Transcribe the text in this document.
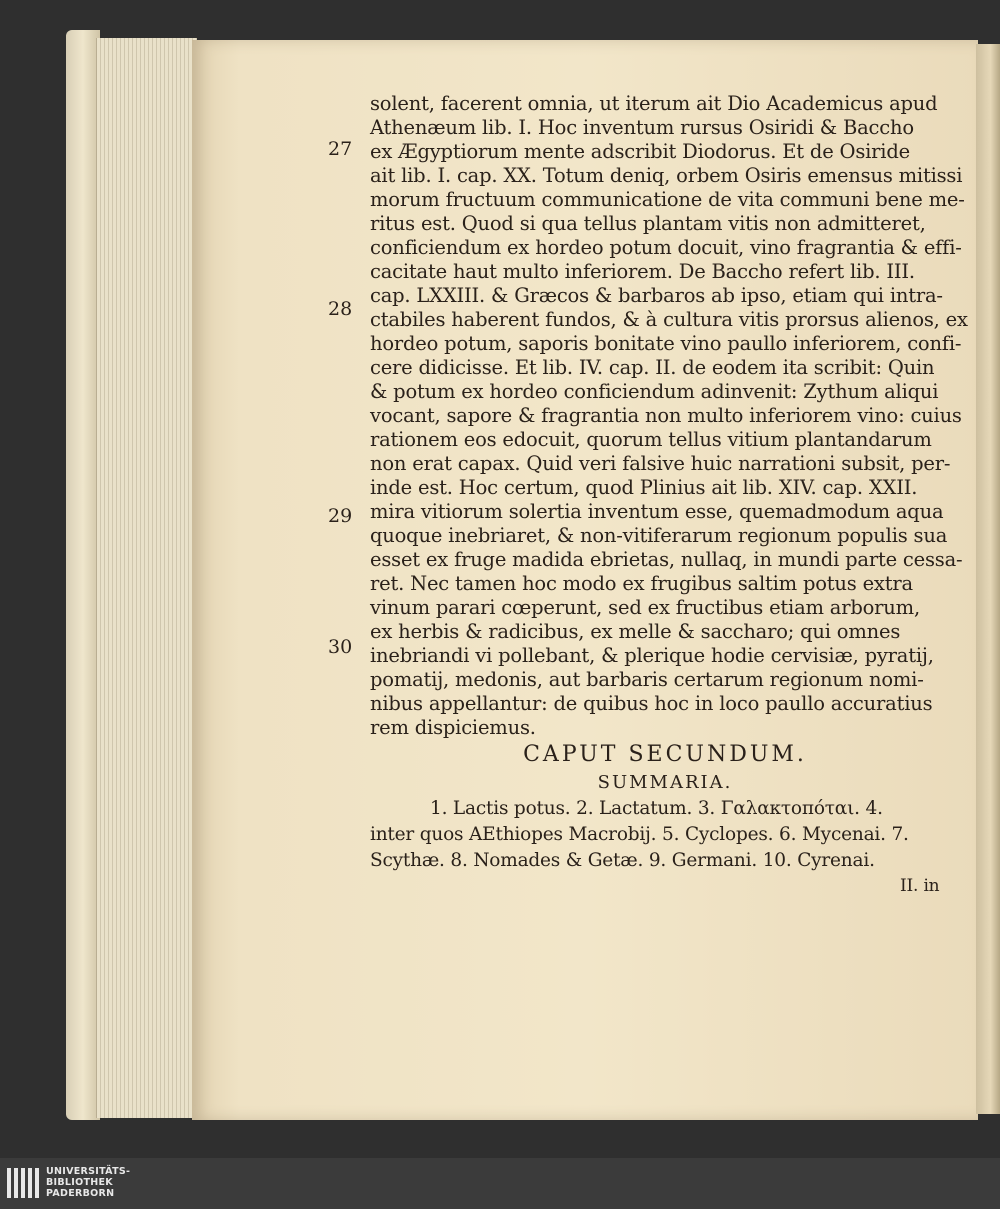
solent, facerent omnia, ut iterum ait Dio Academicus apud
Athenæum lib. I. Hoc inventum rursus Osiridi & Baccho
ex Ægyptiorum mente adscribit Diodorus. Et de Osiride
ait lib. I. cap. XX. Totum deniq, orbem Osiris emensus mitissi
morum fructuum communicatione de vita communi bene me-
ritus est. Quod si qua tellus plantam vitis non admitteret,
conficiendum ex hordeo potum docuit, vino fragrantia & effi-
cacitate haut multo inferiorem. De Baccho refert lib. III.
cap. LXXIII. & Græcos & barbaros ab ipso, etiam qui intra-
ctabiles haberent fundos, & à cultura vitis prorsus alienos, ex
hordeo potum, saporis bonitate vino paullo inferiorem, confi-
cere didicisse. Et lib. IV. cap. II. de eodem ita scribit: Quin
& potum ex hordeo conficiendum adinvenit: Zythum aliqui
vocant, sapore & fragrantia non multo inferiorem vino: cuius
rationem eos edocuit, quorum tellus vitium plantandarum
non erat capax. Quid veri falsive huic narrationi subsit, per-
inde est. Hoc certum, quod Plinius ait lib. XIV. cap. XXII.
mira vitiorum solertia inventum esse, quemadmodum aqua
quoque inebriaret, & non-vitiferarum regionum populis sua
esset ex fruge madida ebrietas, nullaq, in mundi parte cessa-
ret. Nec tamen hoc modo ex frugibus saltim potus extra
vinum parari cœperunt, sed ex fructibus etiam arborum,
ex herbis & radicibus, ex melle & saccharo; qui omnes
inebriandi vi pollebant, & plerique hodie cervisiæ, pyratij,
pomatij, medonis, aut barbaris certarum regionum nomi-
nibus appellantur: de quibus hoc in loco paullo accuratius
rem dispiciemus.
CAPUT SECUNDUM.
SUMMARIA.
1. Lactis potus. 2. Lactatum. 3. Γαλακτοπόται. 4.
inter quos AEthiopes Macrobij. 5. Cyclopes. 6. Mycenai. 7.
Scythæ. 8. Nomades & Getæ. 9. Germani. 10. Cyrenai.
II. in
27
28
29
30
UNIVERSITÄTS-
BIBLIOTHEK
PADERBORN
